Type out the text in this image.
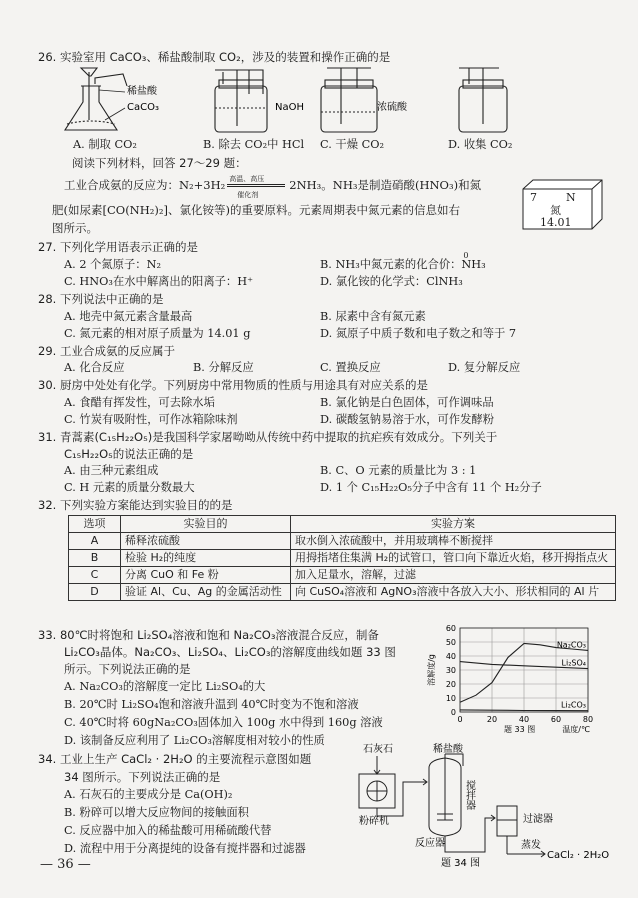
26. 实验室用 CaCO₃、稀盐酸制取 CO₂，涉及的装置和操作正确的是
稀盐酸
CaCO₃	NaOH	浓硫酸
A. 制取 CO₂	B. 除去 CO₂中 HCl C. 干燥 CO₂	D. 收集 CO₂
阅读下列材料，回答 27～29 题：
工业合成氨的反应为：N₂+3H₂ 高温、高压
催化剂
2NH₃。NH₃是制造硝酸(HNO₃)和氮
肥(如尿素[CO(NH₂)₂]、氯化铵等)的重要原料。元素周期表中氮元素的信息如右
图所示。
7	N
氮
14.01
27. 下列化学用语表示正确的是
A. 2 个氮原子：N₂	B. NH₃中氮元素的化合价：
0
NH₃
C. HNO₃在水中解离出的阳离子：H⁺	D. 氯化铵的化学式：ClNH₃
28. 下列说法中正确的是
A. 地壳中氮元素含量最高	B. 尿素中含有氮元素
C. 氮元素的相对原子质量为 14.01 g	D. 氮原子中质子数和电子数之和等于 7
29. 工业合成氨的反应属于
A. 化合反应	B. 分解反应	C. 置换反应	D. 复分解反应
30. 厨房中处处有化学。下列厨房中常用物质的性质与用途具有对应关系的是
A. 食醋有挥发性，可去除水垢	B. 氯化钠是白色固体，可作调味品
C. 竹炭有吸附性，可作冰箱除味剂	D. 碳酸氢钠易溶于水，可作发酵粉
31. 青蒿素(C₁₅H₂₂O₅)是我国科学家屠呦呦从传统中药中提取的抗疟疾有效成分。下列关于
C₁₅H₂₂O₅的说法正确的是
A. 由三种元素组成	B. C、O 元素的质量比为 3 : 1
C. H 元素的质量分数最大	D. 1 个 C₁₅H₂₂O₅分子中含有 11 个 H₂分子
32. 下列实验方案能达到实验目的的是
选项	实验目的	实验方案
A	稀释浓硫酸	取水倒入浓硫酸中，并用玻璃棒不断搅拌
B	检验 H₂的纯度	用拇指堵住集满 H₂的试管口，管口向下靠近火焰，移开拇指点火
C	分离 CuO 和 Fe 粉	加入足量水，溶解，过滤
D	验证 Al、Cu、Ag 的金属活动性	向 CuSO₄溶液和 AgNO₃溶液中各放入大小、形状相同的 Al 片
33. 80℃时将饱和 Li₂SO₄溶液和饱和 Na₂CO₃溶液混合反应，制备
Li₂CO₃晶体。Na₂CO₃、Li₂SO₄、Li₂CO₃的溶解度曲线如题 33 图
所示。下列说法正确的是
A. Na₂CO₃的溶解度一定比 Li₂SO₄的大
B. 20℃时 Li₂SO₄饱和溶液升温到 40℃时变为不饱和溶液
C. 40℃时将 60gNa₂CO₃固体加入 100g 水中得到 160g 溶液
D. 该制备反应利用了 Li₂CO₃溶解度相对较小的性质
0
10
20
30
40
50
60
0	20	40	60	80
溶解度/g
温度/℃
题 33 图
Na₂CO₃
Li₂SO₄
Li₂CO₃
34. 工业上生产 CaCl₂ · 2H₂O 的主要流程示意图如题
34 图所示。下列说法正确的是
A. 石灰石的主要成分是 Ca(OH)₂
B. 粉碎可以增大反应物间的接触面积
C. 反应器中加入的稀盐酸可用稀硫酸代替
D. 流程中用于分离提纯的设备有搅拌器和过滤器
石灰石	稀盐酸
粉碎机
反应器
搅拌器
过滤器
蒸发
CaCl₂ · 2H₂O
题 34 图
— 36 —
